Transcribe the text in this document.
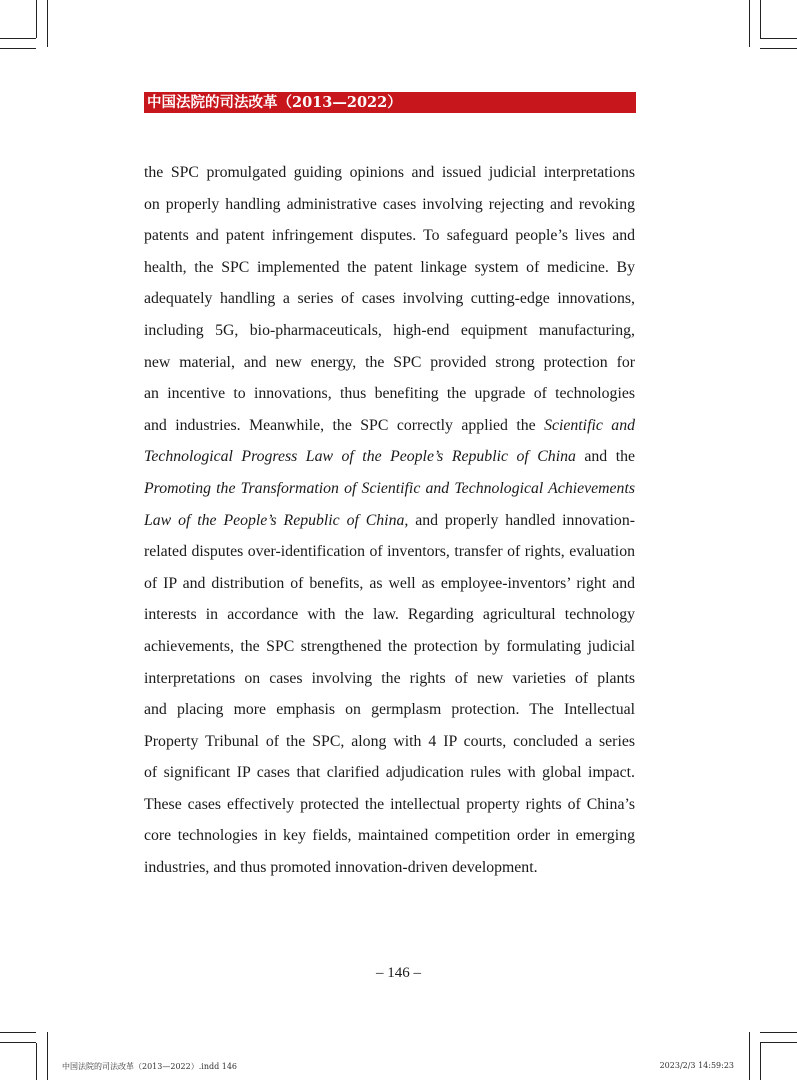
中国法院的司法改革（2013—2022）
the SPC promulgated guiding opinions and issued judicial interpretations
on properly handling administrative cases involving rejecting and revoking
patents and patent infringement disputes. To safeguard people’s lives and
health, the SPC implemented the patent linkage system of medicine. By
adequately handling a series of cases involving cutting-edge innovations,
including 5G, bio-pharmaceuticals, high-end equipment manufacturing,
new material, and new energy, the SPC provided strong protection for
an incentive to innovations, thus benefiting the upgrade of technologies
and industries. Meanwhile, the SPC correctly applied the Scientific and
Technological Progress Law of the People’s Republic of China and the
Promoting the Transformation of Scientific and Technological Achievements
Law of the People’s Republic of China, and properly handled innovation-
related disputes over-identification of inventors, transfer of rights, evaluation
of IP and distribution of benefits, as well as employee-inventors’ right and
interests in accordance with the law. Regarding agricultural technology
achievements, the SPC strengthened the protection by formulating judicial
interpretations on cases involving the rights of new varieties of plants
and placing more emphasis on germplasm protection. The Intellectual
Property Tribunal of the SPC, along with 4 IP courts, concluded a series
of significant IP cases that clarified adjudication rules with global impact.
These cases effectively protected the intellectual property rights of China’s
core technologies in key fields, maintained competition order in emerging
industries, and thus promoted innovation-driven development.
– 146 –
中国法院的司法改革（2013—2022）.indd 146	2023/2/3 14:59:23
